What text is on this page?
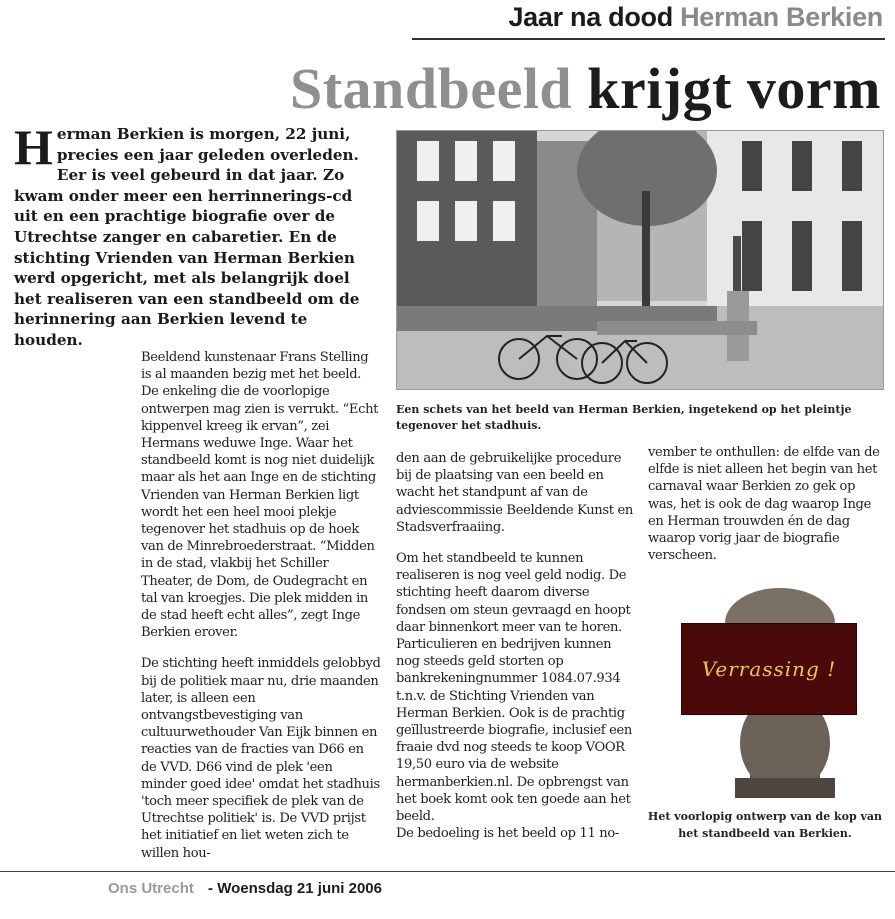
Jaar na dood Herman Berkien
Standbeeld krijgt vorm
Herman Berkien is morgen, 22 juni, precies een jaar geleden overleden. Eer is veel gebeurd in dat jaar. Zo kwam onder meer een herrinnerings-cd uit en een prachtige biografie over de Utrechtse zanger en cabaretier. En de stichting Vrienden van Herman Berkien werd opgericht, met als belangrijk doel het realiseren van een standbeeld om de herinnering aan Berkien levend te houden.
Een schets van het beeld van Herman Berkien, ingetekend op het pleintje tegenover het stadhuis.

Beeldend kunstenaar Frans Stelling is al maanden bezig met het beeld. De enkeling die de voorlopige ontwerpen mag zien is verrukt. “Echt kippenvel kreeg ik ervan”, zei Hermans weduwe Inge. Waar het standbeeld komt is nog niet duidelijk maar als het aan Inge en de stichting Vrienden van Herman Berkien ligt wordt het een heel mooi plekje tegenover het stadhuis op de hoek van de Minrebroederstraat. “Midden in de stad, vlakbij het Schiller Theater, de Dom, de Oudegracht en tal van kroegjes. Die plek midden in de stad heeft echt alles”, zegt Inge Berkien erover.

De stichting heeft inmiddels gelobbyd bij de politiek maar nu, drie maanden later, is alleen een ontvangstbevestiging van cultuurwethouder Van Eijk binnen en reacties van de fracties van D66 en de VVD. D66 vind de plek 'een minder goed idee' omdat het stadhuis 'toch meer specifiek de plek van de Utrechtse politiek' is. De VVD prijst het initiatief en liet weten zich te willen hou-

den aan de gebruikelijke procedure bij de plaatsing van een beeld en wacht het standpunt af van de adviescommissie Beeldende Kunst en Stadsverfraaiing.

Om het standbeeld te kunnen realiseren is nog veel geld nodig. De stichting heeft daarom diverse fondsen om steun gevraagd en hoopt daar binnenkort meer van te horen. Particulieren en bedrijven kunnen nog steeds geld storten op bankrekeningnummer 1084.07.934 t.n.v. de Stichting Vrienden van Herman Berkien. Ook is de prachtig geïllustreerde biografie, inclusief een fraaie dvd nog steeds te koop VOOR 19,50 euro via de website hermanberkien.nl. De opbrengst van het boek komt ook ten goede aan het beeld.

De bedoeling is het beeld op 11 no-

vember te onthullen: de elfde van de elfde is niet alleen het begin van het carnaval waar Berkien zo gek op was, het is ook de dag waarop Inge en Herman trouwden én de dag waarop vorig jaar de biografie verscheen.

Verrassing !
Het voorlopig ontwerp van de kop van het standbeeld van Berkien.
Ons Utrecht - Woensdag 21 juni 2006
